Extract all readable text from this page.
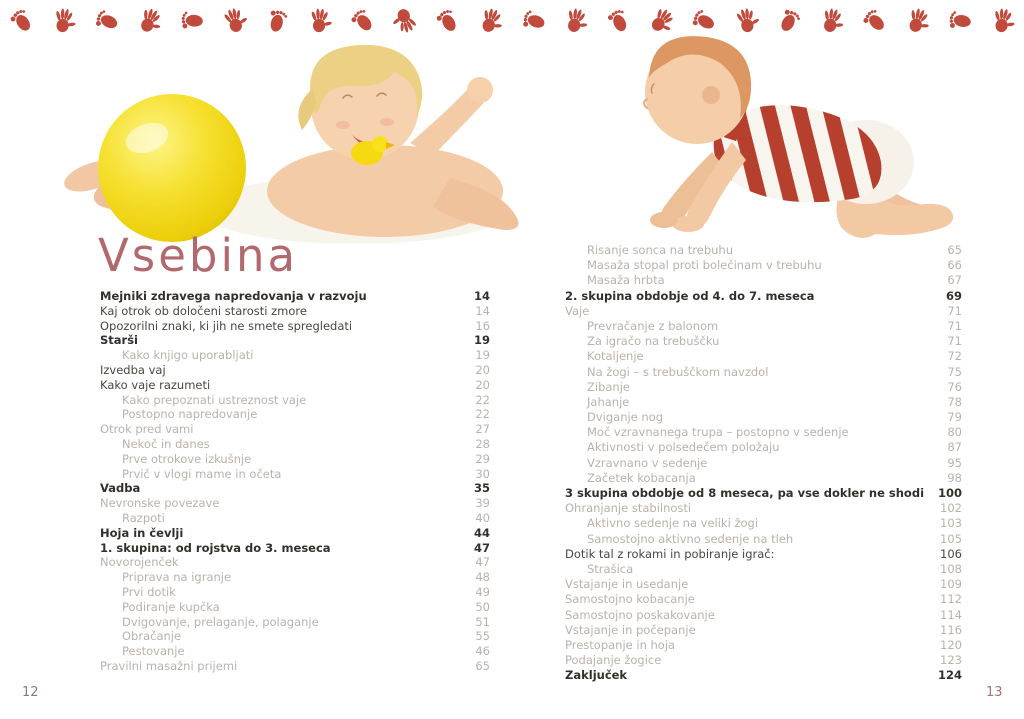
Vsebina
Mejniki zdravega napredovanja v razvoju	14
Kaj otrok ob določeni starosti zmore	14
Opozorilni znaki, ki jih ne smete spregledati	16
Starši	19
Kako knjigo uporabljati	19
Izvedba vaj	20
Kako vaje razumeti	20
Kako prepoznati ustreznost vaje	22
Postopno napredovanje	22
Otrok pred vami	27
Nekoč in danes	28
Prve otrokove izkušnje	29
Prvič v vlogi mame in očeta	30
Vadba	35
Nevronske povezave	39
Razpoti	40
Hoja in čevlji	44
1. skupina: od rojstva do 3. meseca	47
Novorojenček	47
Priprava na igranje	48
Prvi dotik	49
Podiranje kupčka	50
Dvigovanje, prelaganje, polaganje	51
Obračanje	55
Pestovanje	46
Pravilni masažni prijemi	65
Risanje sonca na trebuhu	65
Masaža stopal proti bolečinam v trebuhu	66
Masaža hrbta	67
2. skupina obdobje od 4. do 7. meseca	69
Vaje	71
Prevračanje z balonom	71
Za igračo na trebuščku	71
Kotaljenje	72
Na žogi – s trebuščkom navzdol	75
Zibanje	76
Jahanje	78
Dviganje nog	79
Moč vzravnanega trupa – postopno v sedenje	80
Aktivnosti v polsedečem položaju	87
Vzravnano v sedenje	95
Začetek kobacanja	98
3 skupina obdobje od 8 meseca, pa vse dokler ne shodi	100
Ohranjanje stabilnosti	102
Aktivno sedenje na veliki žogi	103
Samostojno aktivno sedenje na tleh	105
Dotik tal z rokami in pobiranje igrač:	106
Strašica	108
Vstajanje in usedanje	109
Samostojno kobacanje	112
Samostojno poskakovanje	114
Vstajanje in počepanje	116
Prestopanje in hoja	120
Podajanje žogice	123
Zaključek	124
12	13
